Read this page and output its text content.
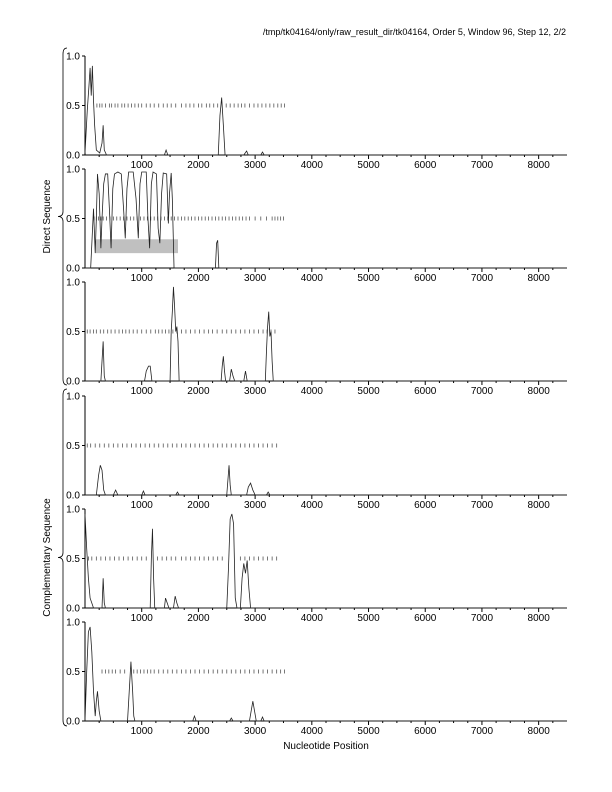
/tmp/tk04164/only/raw_result_dir/tk04164, Order 5, Window 96, Step 12, 2/2
0.0
0.5
1.0
1000	2000	3000	4000	5000	6000	7000	8000
0.0
0.5
1.0
1000	2000	3000	4000	5000	6000	7000	8000
0.0
0.5
1.0
1000	2000	3000	4000	5000	6000	7000	8000
0.0
0.5
1.0
1000	2000	3000	4000	5000	6000	7000	8000
0.0
0.5
1.0
1000	2000	3000	4000	5000	6000	7000	8000
0.0
0.5
1.0
1000	2000	3000	4000	5000	6000	7000	8000
Direct Sequence
Complementary Sequence
Nucleotide Position
